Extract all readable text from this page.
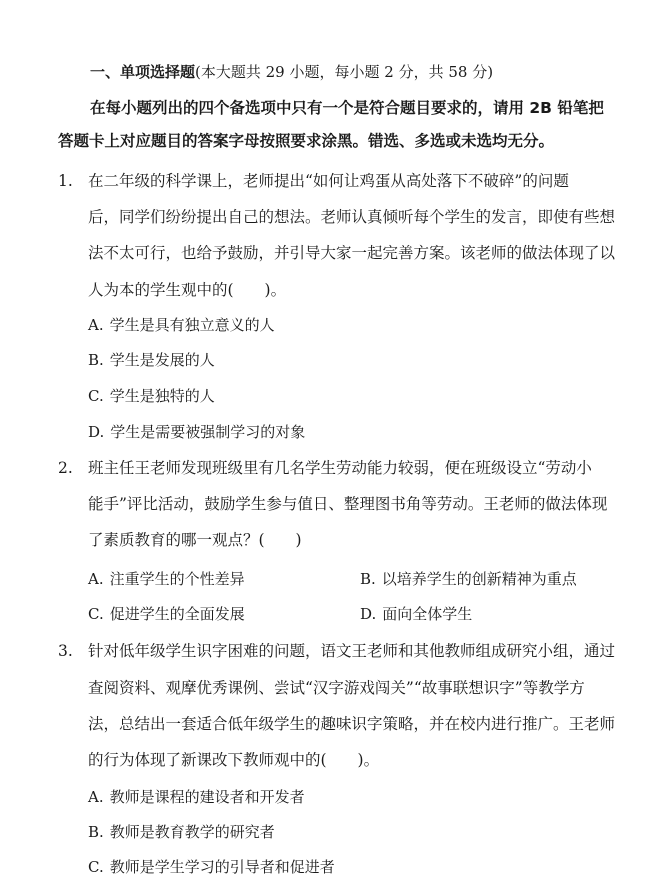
一、单项选择题(本大题共 29 小题，每小题 2 分，共 58 分)
在每小题列出的四个备选项中只有一个是符合题目要求的，请用 2B 铅笔把
答题卡上对应题目的答案字母按照要求涂黑。错选、多选或未选均无分。
1. 在二年级的科学课上，老师提出“如何让鸡蛋从高处落下不破碎”的问题
后，同学们纷纷提出自己的想法。老师认真倾听每个学生的发言，即使有些想
法不太可行，也给予鼓励，并引导大家一起完善方案。该老师的做法体现了以
人为本的学生观中的(　　)。
A. 学生是具有独立意义的人
B. 学生是发展的人
C. 学生是独特的人
D. 学生是需要被强制学习的对象
2. 班主任王老师发现班级里有几名学生劳动能力较弱，便在班级设立“劳动小
能手”评比活动，鼓励学生参与值日、整理图书角等劳动。王老师的做法体现
了素质教育的哪一观点？(　　)
A. 注重学生的个性差异	B. 以培养学生的创新精神为重点
C. 促进学生的全面发展	D. 面向全体学生
3. 针对低年级学生识字困难的问题，语文王老师和其他教师组成研究小组，通过
查阅资料、观摩优秀课例、尝试“汉字游戏闯关”“故事联想识字”等教学方
法，总结出一套适合低年级学生的趣味识字策略，并在校内进行推广。王老师
的行为体现了新课改下教师观中的(　　)。
A. 教师是课程的建设者和开发者
B. 教师是教育教学的研究者
C. 教师是学生学习的引导者和促进者
